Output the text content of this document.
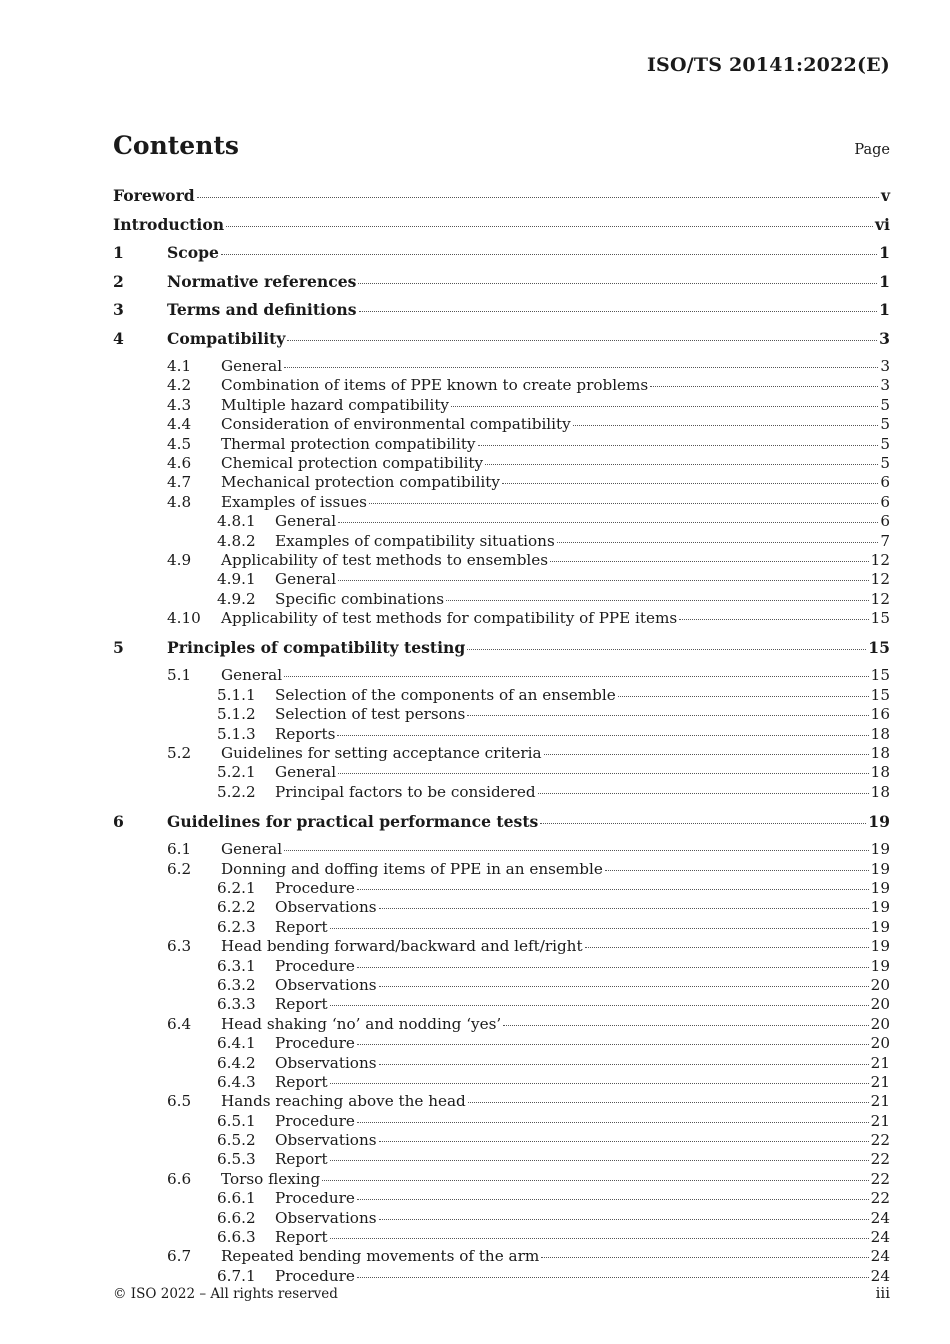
ISO/TS 20141:2022(E)
Contents	Page
Foreword	v
Introduction	vi
1	Scope	1
2	Normative references	1
3	Terms and definitions	1
4	Compatibility	3
4.1	General	3
4.2	Combination of items of PPE known to create problems	3
4.3	Multiple hazard compatibility	5
4.4	Consideration of environmental compatibility	5
4.5	Thermal protection compatibility	5
4.6	Chemical protection compatibility	5
4.7	Mechanical protection compatibility	6
4.8	Examples of issues	6
4.8.1	General	6
4.8.2	Examples of compatibility situations	7
4.9	Applicability of test methods to ensembles	12
4.9.1	General	12
4.9.2	Specific combinations	12
4.10	Applicability of test methods for compatibility of PPE items	15
5	Principles of compatibility testing	15
5.1	General	15
5.1.1	Selection of the components of an ensemble	15
5.1.2	Selection of test persons	16
5.1.3	Reports	18
5.2	Guidelines for setting acceptance criteria	18
5.2.1	General	18
5.2.2	Principal factors to be considered	18
6	Guidelines for practical performance tests	19
6.1	General	19
6.2	Donning and doffing items of PPE in an ensemble	19
6.2.1	Procedure	19
6.2.2	Observations	19
6.2.3	Report	19
6.3	Head bending forward/backward and left/right	19
6.3.1	Procedure	19
6.3.2	Observations	20
6.3.3	Report	20
6.4	Head shaking ‘no’ and nodding ‘yes’	20
6.4.1	Procedure	20
6.4.2	Observations	21
6.4.3	Report	21
6.5	Hands reaching above the head	21
6.5.1	Procedure	21
6.5.2	Observations	22
6.5.3	Report	22
6.6	Torso flexing	22
6.6.1	Procedure	22
6.6.2	Observations	24
6.6.3	Report	24
6.7	Repeated bending movements of the arm	24
6.7.1	Procedure	24
© ISO 2022 – All rights reserved	iii
